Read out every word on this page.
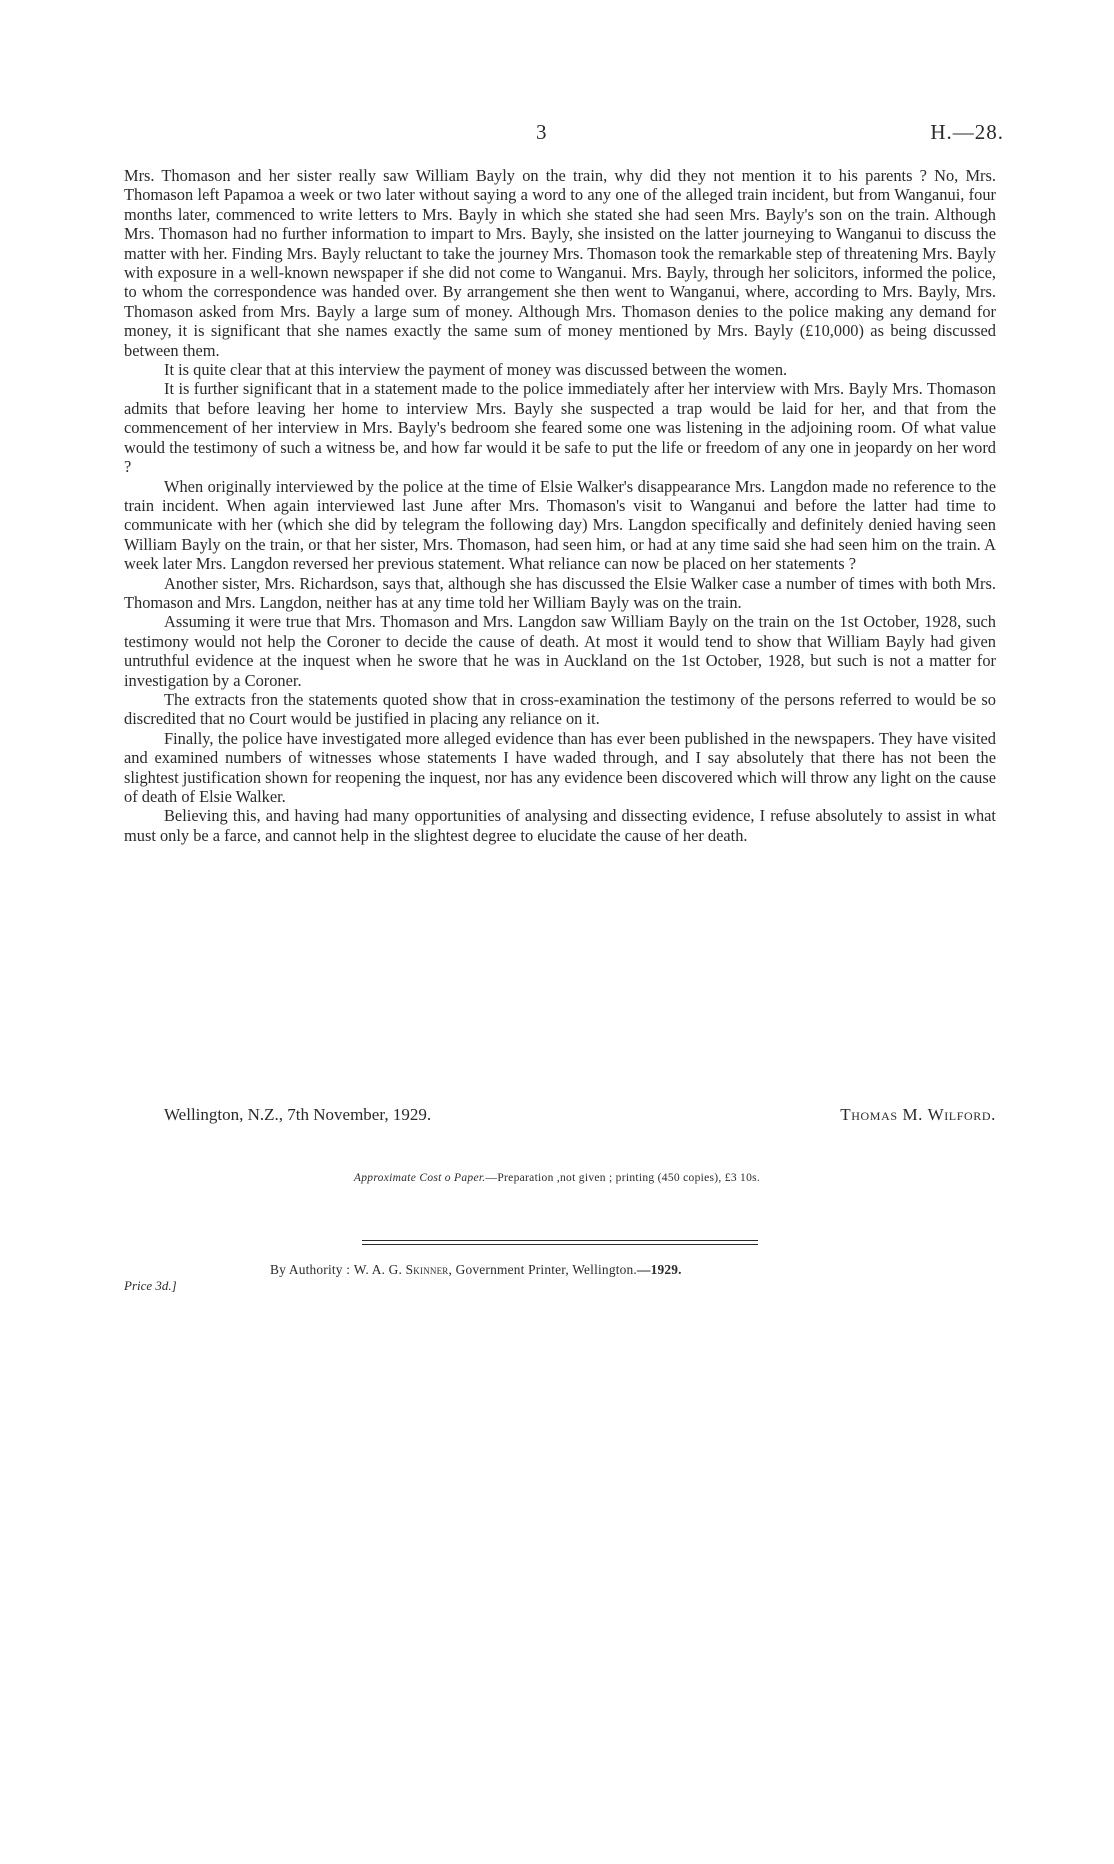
3	H.—28.

Mrs. Thomason and her sister really saw William Bayly on the train, why did they not mention it to his parents ? No, Mrs. Thomason left Papamoa a week or two later without saying a word to any one of the alleged train incident, but from Wanganui, four months later, commenced to write letters to Mrs. Bayly in which she stated she had seen Mrs. Bayly's son on the train. Although Mrs. Thomason had no further information to impart to Mrs. Bayly, she insisted on the latter journeying to Wanganui to discuss the matter with her. Finding Mrs. Bayly reluctant to take the journey Mrs. Thomason took the remarkable step of threatening Mrs. Bayly with exposure in a well-known newspaper if she did not come to Wanganui. Mrs. Bayly, through her solicitors, informed the police, to whom the correspondence was handed over. By arrangement she then went to Wanganui, where, according to Mrs. Bayly, Mrs. Thomason asked from Mrs. Bayly a large sum of money. Although Mrs. Thomason denies to the police making any demand for money, it is significant that she names exactly the same sum of money mentioned by Mrs. Bayly (£10,000) as being discussed between them.

It is quite clear that at this interview the payment of money was discussed between the women.

It is further significant that in a statement made to the police immediately after her interview with Mrs. Bayly Mrs. Thomason admits that before leaving her home to interview Mrs. Bayly she suspected a trap would be laid for her, and that from the commencement of her interview in Mrs. Bayly's bedroom she feared some one was listening in the adjoining room. Of what value would the testimony of such a witness be, and how far would it be safe to put the life or freedom of any one in jeopardy on her word ?

When originally interviewed by the police at the time of Elsie Walker's disappearance Mrs. Langdon made no reference to the train incident. When again interviewed last June after Mrs. Thomason's visit to Wanganui and before the latter had time to communicate with her (which she did by telegram the following day) Mrs. Langdon specifically and definitely denied having seen William Bayly on the train, or that her sister, Mrs. Thomason, had seen him, or had at any time said she had seen him on the train. A week later Mrs. Langdon reversed her previous statement. What reliance can now be placed on her statements ?

Another sister, Mrs. Richardson, says that, although she has discussed the Elsie Walker case a number of times with both Mrs. Thomason and Mrs. Langdon, neither has at any time told her William Bayly was on the train.

Assuming it were true that Mrs. Thomason and Mrs. Langdon saw William Bayly on the train on the 1st October, 1928, such testimony would not help the Coroner to decide the cause of death. At most it would tend to show that William Bayly had given untruthful evidence at the inquest when he swore that he was in Auckland on the 1st October, 1928, but such is not a matter for investigation by a Coroner.

The extracts fron the statements quoted show that in cross-examination the testimony of the persons referred to would be so discredited that no Court would be justified in placing any reliance on it.

Finally, the police have investigated more alleged evidence than has ever been published in the newspapers. They have visited and examined numbers of witnesses whose statements I have waded through, and I say absolutely that there has not been the slightest justification shown for reopening the inquest, nor has any evidence been discovered which will throw any light on the cause of death of Elsie Walker.

Believing this, and having had many opportunities of analysing and dissecting evidence, I refuse absolutely to assist in what must only be a farce, and cannot help in the slightest degree to elucidate the cause of her death.

Wellington, N.Z., 7th November, 1929.	Thomas M. Wilford.
Approximate Cost o Paper.—Preparation ,not given ; printing (450 copies), £3 10s.
Price 3d.]
By Authority : W. A. G. Skinner, Government Printer, Wellington.—1929.
